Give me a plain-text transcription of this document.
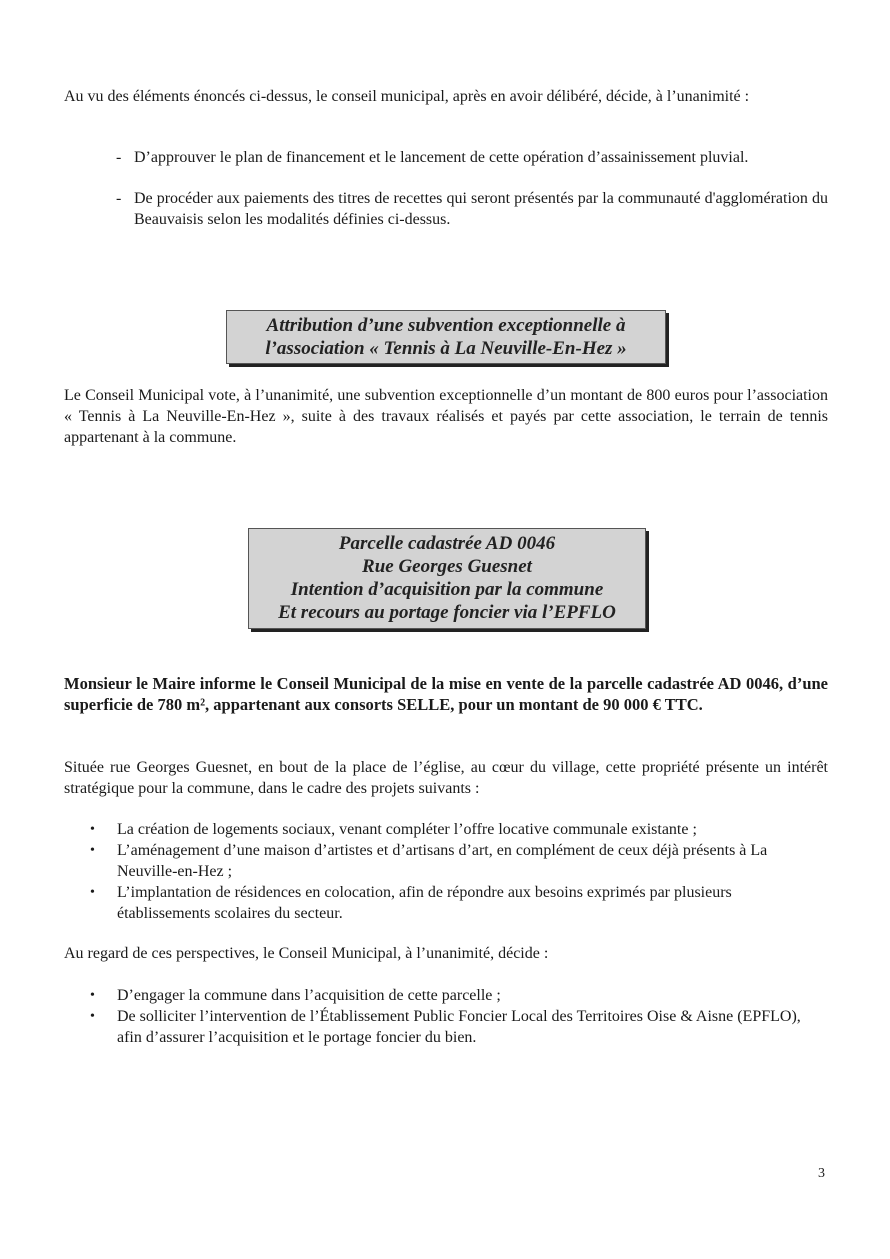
Au vu des éléments énoncés ci-dessus, le conseil municipal, après en avoir délibéré, décide, à l’unanimité :

- D’approuver le plan de financement et le lancement de cette opération d’assainissement pluvial.
- De procéder aux paiements des titres de recettes qui seront présentés par la communauté d'agglomération du Beauvaisis selon les modalités définies ci-dessus.
Attribution d’une subvention exceptionnelle à
l’association « Tennis à La Neuville-En-Hez »

Le Conseil Municipal vote, à l’unanimité, une subvention exceptionnelle d’un montant de 800 euros pour l’association « Tennis à La Neuville-En-Hez », suite à des travaux réalisés et payés par cette association, le terrain de tennis appartenant à la commune.

Parcelle cadastrée AD 0046
Rue Georges Guesnet
Intention d’acquisition par la commune
Et recours au portage foncier via l’EPFLO

Monsieur le Maire informe le Conseil Municipal de la mise en vente de la parcelle cadastrée AD 0046, d’une superficie de 780 m², appartenant aux consorts SELLE, pour un montant de 90 000 € TTC.

Située rue Georges Guesnet, en bout de la place de l’église, au cœur du village, cette propriété présente un intérêt stratégique pour la commune, dans le cadre des projets suivants :

• La création de logements sociaux, venant compléter l’offre locative communale existante ;
• L’aménagement d’une maison d’artistes et d’artisans d’art, en complément de ceux déjà présents à La Neuville-en-Hez ;
• L’implantation de résidences en colocation, afin de répondre aux besoins exprimés par plusieurs établissements scolaires du secteur.

Au regard de ces perspectives, le Conseil Municipal, à l’unanimité, décide :

• D’engager la commune dans l’acquisition de cette parcelle ;
• De solliciter l’intervention de l’Établissement Public Foncier Local des Territoires Oise & Aisne (EPFLO), afin d’assurer l’acquisition et le portage foncier du bien.
3
